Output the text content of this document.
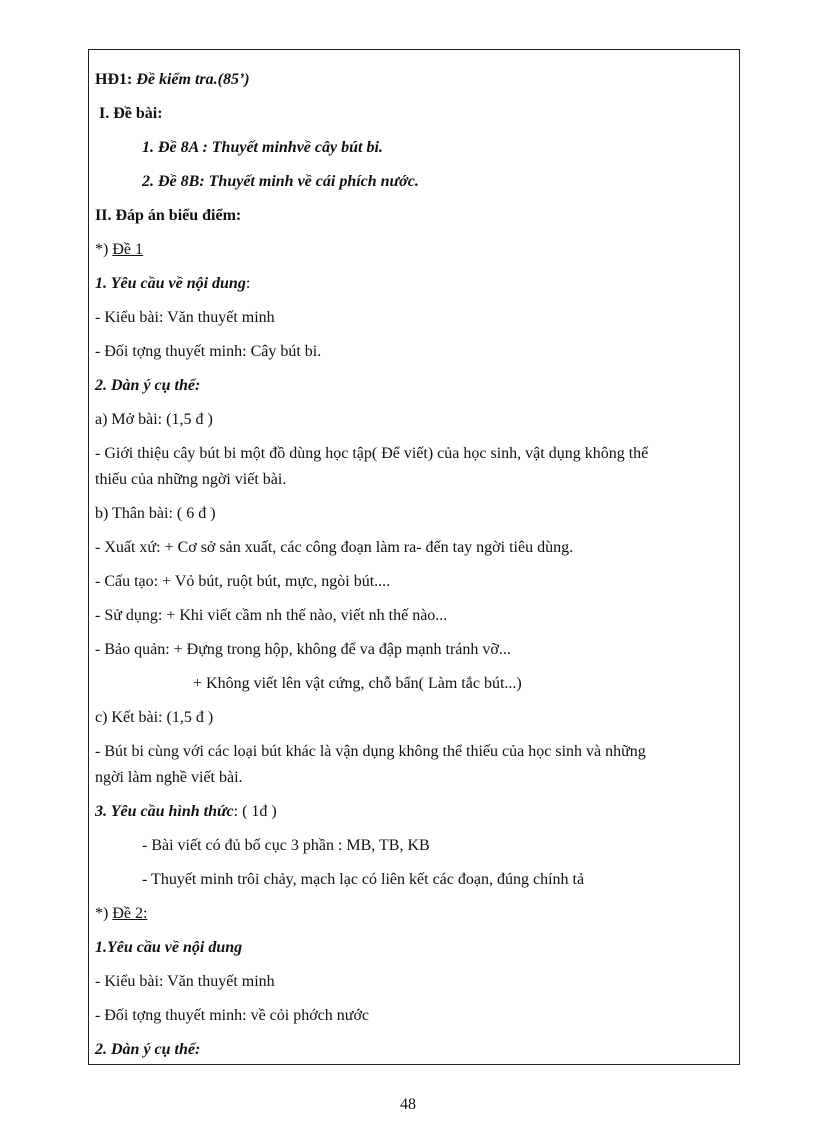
HĐ1: Đề kiểm tra.(85’)
I. Đề bài:
1. Đề 8A : Thuyết minhvề cây bút bi.
2. Đề 8B: Thuyết minh về cái phích nước.
II. Đáp án biểu điểm:
*) Đề 1
1. Yêu cầu về nội dung:
- Kiểu bài: Văn thuyết minh
- Đối tợng thuyết minh: Cây bút bi.
2. Dàn ý cụ thể:
a) Mở bài: (1,5 đ )
- Giới thiệu cây bút bi một đồ dùng học tập( Để viết) của học sinh, vật dụng không thể
thiếu của những ngời viết bài.
b) Thân bài: ( 6 đ )
- Xuất xứ: + Cơ sở sản xuất, các công đoạn làm ra- đến tay ngời tiêu dùng.
- Cấu tạo: + Vỏ bút, ruột bút, mực, ngòi bút....
- Sử dụng: + Khi viết cầm nh thế nào, viết nh thế nào...
- Bảo quản: + Đựng trong hộp, không để va đập mạnh tránh vỡ...
+ Không viết lên vật cứng, chỗ bẩn( Làm tắc bút...)
c) Kết bài: (1,5 đ )
- Bút bi cùng với các loại bút khác là vận dụng không thể thiếu của học sinh và những
ngời làm nghề viết bài.
3. Yêu cầu hình thức: ( 1đ )
- Bài viết có đủ bố cục 3 phần : MB, TB, KB
- Thuyết minh trôi chảy, mạch lạc có liên kết các đoạn, đúng chính tả
*) Đề 2:
1.Yêu cầu về nội dung
- Kiểu bài: Văn thuyết minh
- Đối tợng thuyết minh: về cỏi phớch nước
2. Dàn ý cụ thể:
48
